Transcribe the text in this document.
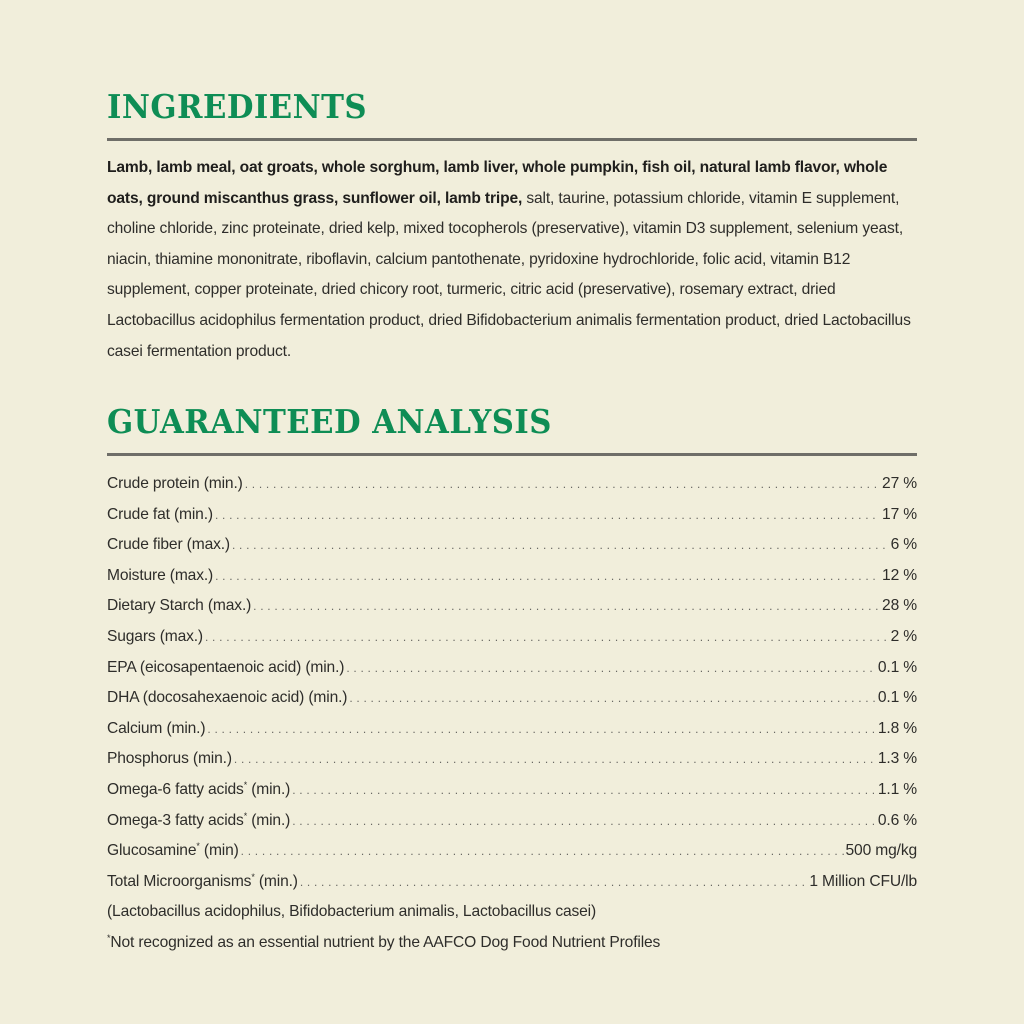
INGREDIENTS

Lamb, lamb meal, oat groats, whole sorghum, lamb liver, whole pumpkin, fish oil, natural lamb flavor, whole oats, ground miscanthus grass, sunflower oil, lamb tripe, salt, taurine, potassium chloride, vitamin E supplement, choline chloride, zinc proteinate, dried kelp, mixed tocopherols (preservative), vitamin D3 supplement, selenium yeast, niacin, thiamine mononitrate, riboflavin, calcium pantothenate, pyridoxine hydrochloride, folic acid, vitamin B12 supplement, copper proteinate, dried chicory root, turmeric, citric acid (preservative), rosemary extract, dried Lactobacillus acidophilus fermentation product, dried Bifidobacterium animalis fermentation product, dried Lactobacillus casei fermentation product.

GUARANTEED ANALYSIS
Crude protein (min.) . . .	27 %
Crude fat (min.) . . .	17 %
Crude fiber (max.) . . .	6 %
Moisture (max.) . . .	12 %
Dietary Starch (max.) . . .	28 %
Sugars (max.) . . .	2 %
EPA (eicosapentaenoic acid) (min.) . . .	0.1 %
DHA (docosahexaenoic acid) (min.) . . .	0.1 %
Calcium (min.) . . .	1.8 %
Phosphorus (min.) . . .	1.3 %
Omega-6 fatty acids* (min.) . . .	1.1 %
Omega-3 fatty acids* (min.) . . .	0.6 %
Glucosamine* (min) . . .	500 mg/kg
Total Microorganisms* (min.) . . .	1 Million CFU/lb
(Lactobacillus acidophilus, Bifidobacterium animalis, Lactobacillus casei)
*Not recognized as an essential nutrient by the AAFCO Dog Food Nutrient Profiles
